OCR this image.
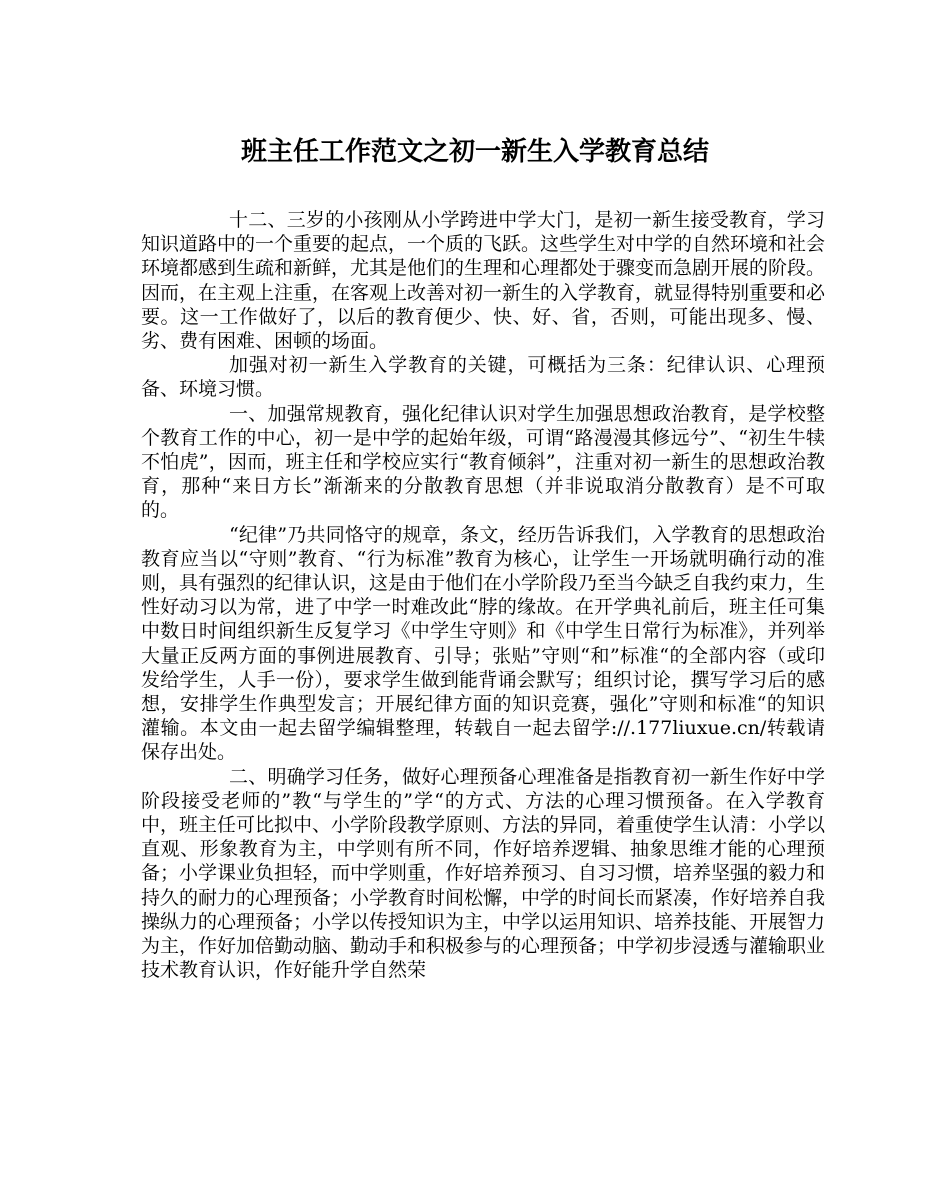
班主任工作范文之初一新生入学教育总结

十二、三岁的小孩刚从小学跨进中学大门，是初一新生接受教育，学习知识道路中的一个重要的起点，一个质的飞跃。这些学生对中学的自然环境和社会环境都感到生疏和新鲜，尤其是他们的生理和心理都处于骤变而急剧开展的阶段。因而，在主观上注重，在客观上改善对初一新生的入学教育，就显得特别重要和必要。这一工作做好了，以后的教育便少、快、好、省，否则，可能出现多、慢、劣、费有困难、困顿的场面。

加强对初一新生入学教育的关键，可概括为三条：纪律认识、心理预备、环境习惯。

一、加强常规教育，强化纪律认识对学生加强思想政治教育，是学校整个教育工作的中心，初一是中学的起始年级，可谓“路漫漫其修远兮”、“初生牛犊不怕虎”，因而，班主任和学校应实行“教育倾斜”，注重对初一新生的思想政治教育，那种“来日方长”渐渐来的分散教育思想（并非说取消分散教育）是不可取的。

“纪律”乃共同恪守的规章，条文，经历告诉我们，入学教育的思想政治教育应当以“守则”教育、“行为标准”教育为核心，让学生一开场就明确行动的准则，具有强烈的纪律认识，这是由于他们在小学阶段乃至当今缺乏自我约束力，生性好动习以为常，进了中学一时难改此“脖的缘故。在开学典礼前后，班主任可集中数日时间组织新生反复学习《中学生守则》和《中学生日常行为标准》，并列举大量正反两方面的事例进展教育、引导；张贴”守则“和”标准“的全部内容（或印发给学生，人手一份），要求学生做到能背诵会默写；组织讨论，撰写学习后的感想，安排学生作典型发言；开展纪律方面的知识竞赛，强化”守则和标准“的知识灌输。本文由一起去留学编辑整理，转载自一起去留学://.177liuxue.cn/转载请保存出处。

二、明确学习任务，做好心理预备心理准备是指教育初一新生作好中学阶段接受老师的”教“与学生的”学“的方式、方法的心理习惯预备。在入学教育中，班主任可比拟中、小学阶段教学原则、方法的异同，着重使学生认清：小学以直观、形象教育为主，中学则有所不同，作好培养逻辑、抽象思维才能的心理预备；小学课业负担轻，而中学则重，作好培养预习、自习习惯，培养坚强的毅力和持久的耐力的心理预备；小学教育时间松懈，中学的时间长而紧凑，作好培养自我操纵力的心理预备；小学以传授知识为主，中学以运用知识、培养技能、开展智力为主，作好加倍勤动脑、勤动手和积极参与的心理预备；中学初步浸透与灌输职业技术教育认识，作好能升学自然荣
